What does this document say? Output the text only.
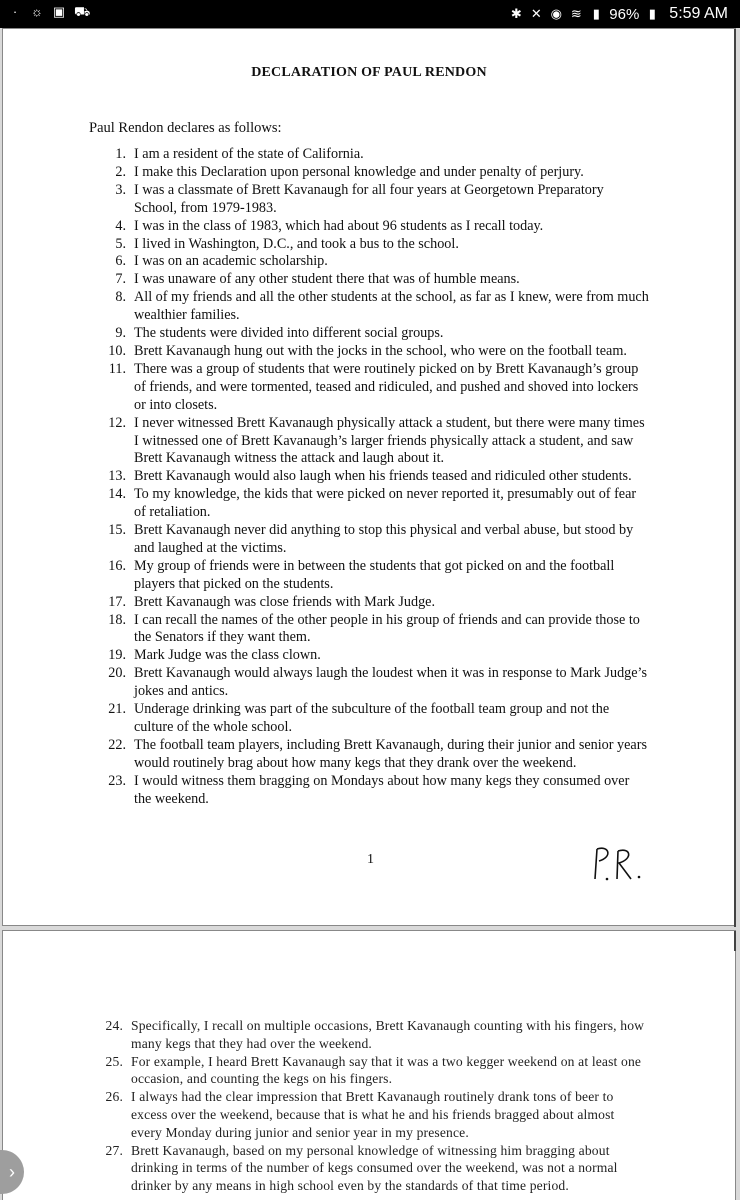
·	☼ ▣ ⛟	✱ ✕ ◉ ≋ ▮ 96% ▮ 5:59 AM
DECLARATION OF PAUL RENDON
Paul Rendon declares as follows:
1. I am a resident of the state of California.
2. I make this Declaration upon personal knowledge and under penalty of perjury.
3. I was a classmate of Brett Kavanaugh for all four years at Georgetown Preparatory School, from 1979-1983.
4. I was in the class of 1983, which had about 96 students as I recall today.
5. I lived in Washington, D.C., and took a bus to the school.
6. I was on an academic scholarship.
7. I was unaware of any other student there that was of humble means.
8. All of my friends and all the other students at the school, as far as I knew, were from much wealthier families.
9. The students were divided into different social groups.
10. Brett Kavanaugh hung out with the jocks in the school, who were on the football team.
11. There was a group of students that were routinely picked on by Brett Kavanaugh’s group of friends, and were tormented, teased and ridiculed, and pushed and shoved into lockers or into closets.
12. I never witnessed Brett Kavanaugh physically attack a student, but there were many times I witnessed one of Brett Kavanaugh’s larger friends physically attack a student, and saw Brett Kavanaugh witness the attack and laugh about it.
13. Brett Kavanaugh would also laugh when his friends teased and ridiculed other students.
14. To my knowledge, the kids that were picked on never reported it, presumably out of fear of retaliation.
15. Brett Kavanaugh never did anything to stop this physical and verbal abuse, but stood by and laughed at the victims.
16. My group of friends were in between the students that got picked on and the football players that picked on the students.
17. Brett Kavanaugh was close friends with Mark Judge.
18. I can recall the names of the other people in his group of friends and can provide those to the Senators if they want them.
19. Mark Judge was the class clown.
20. Brett Kavanaugh would always laugh the loudest when it was in response to Mark Judge’s jokes and antics.
21. Underage drinking was part of the subculture of the football team group and not the culture of the whole school.
22. The football team players, including Brett Kavanaugh, during their junior and senior years would routinely brag about how many kegs that they drank over the weekend.
23. I would witness them bragging on Mondays about how many kegs they consumed over the weekend.
1
24. Specifically, I recall on multiple occasions, Brett Kavanaugh counting with his fingers, how many kegs that they had over the weekend.
25. For example, I heard Brett Kavanaugh say that it was a two kegger weekend on at least one occasion, and counting the kegs on his fingers.
26. I always had the clear impression that Brett Kavanaugh routinely drank tons of beer to excess over the weekend, because that is what he and his friends bragged about almost every Monday during junior and senior year in my presence.
27. Brett Kavanaugh, based on my personal knowledge of witnessing him bragging about drinking in terms of the number of kegs consumed over the weekend, was not a normal drinker by any means in high school even by the standards of that time period.
›
